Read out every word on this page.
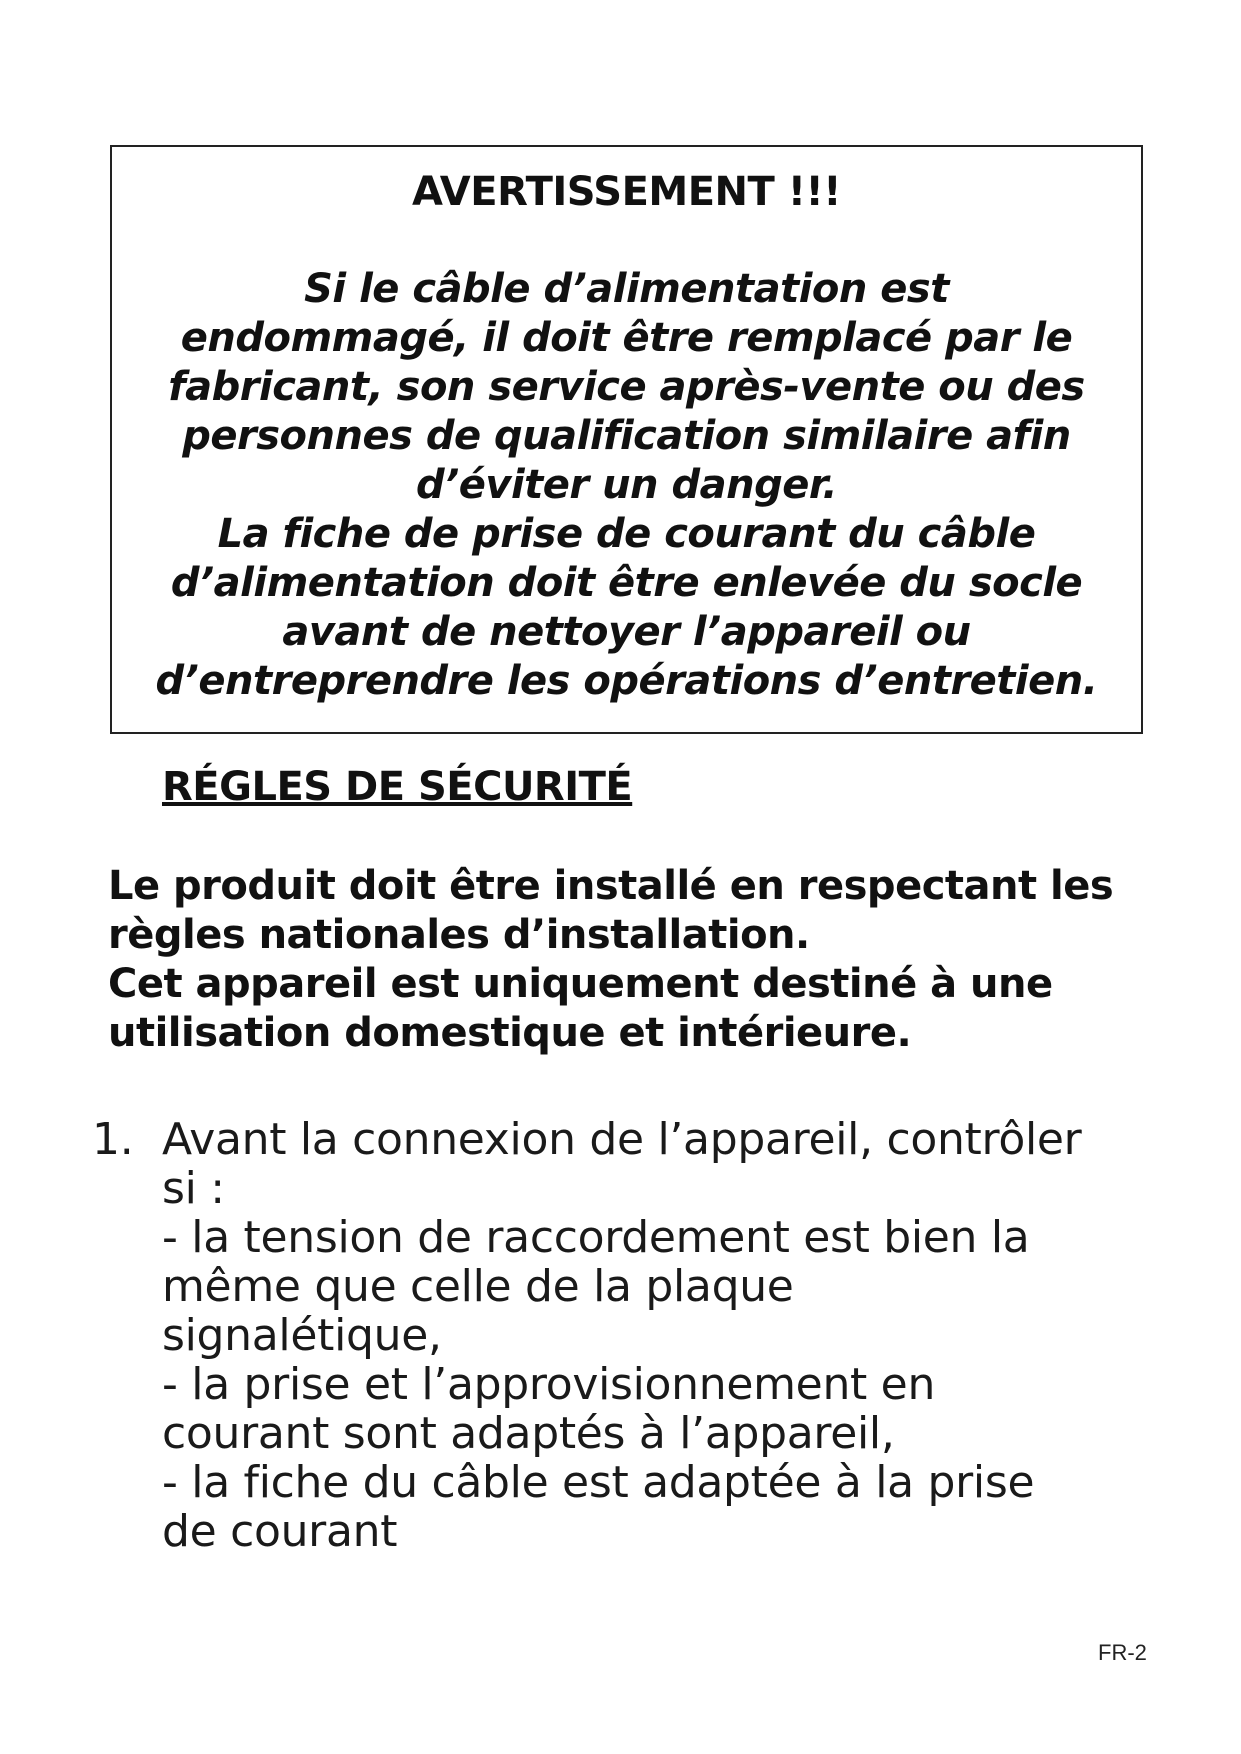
AVERTISSEMENT !!!
Si le câble d’alimentation est
endommagé, il doit être remplacé par le
fabricant, son service après-vente ou des
personnes de qualification similaire afin
d’éviter un danger.
La fiche de prise de courant du câble
d’alimentation doit être enlevée du socle
avant de nettoyer l’appareil ou
d’entreprendre les opérations d’entretien.
RÉGLES DE SÉCURITÉ
Le produit doit être installé en respectant les
règles nationales d’installation.
Cet appareil est uniquement destiné à une
utilisation domestique et intérieure.
1. Avant la connexion de l’appareil, contrôler
si :
- la tension de raccordement est bien la
même que celle de la plaque
signalétique,
- la prise et l’approvisionnement en
courant sont adaptés à l’appareil,
- la fiche du câble est adaptée à la prise
de courant
FR-2
